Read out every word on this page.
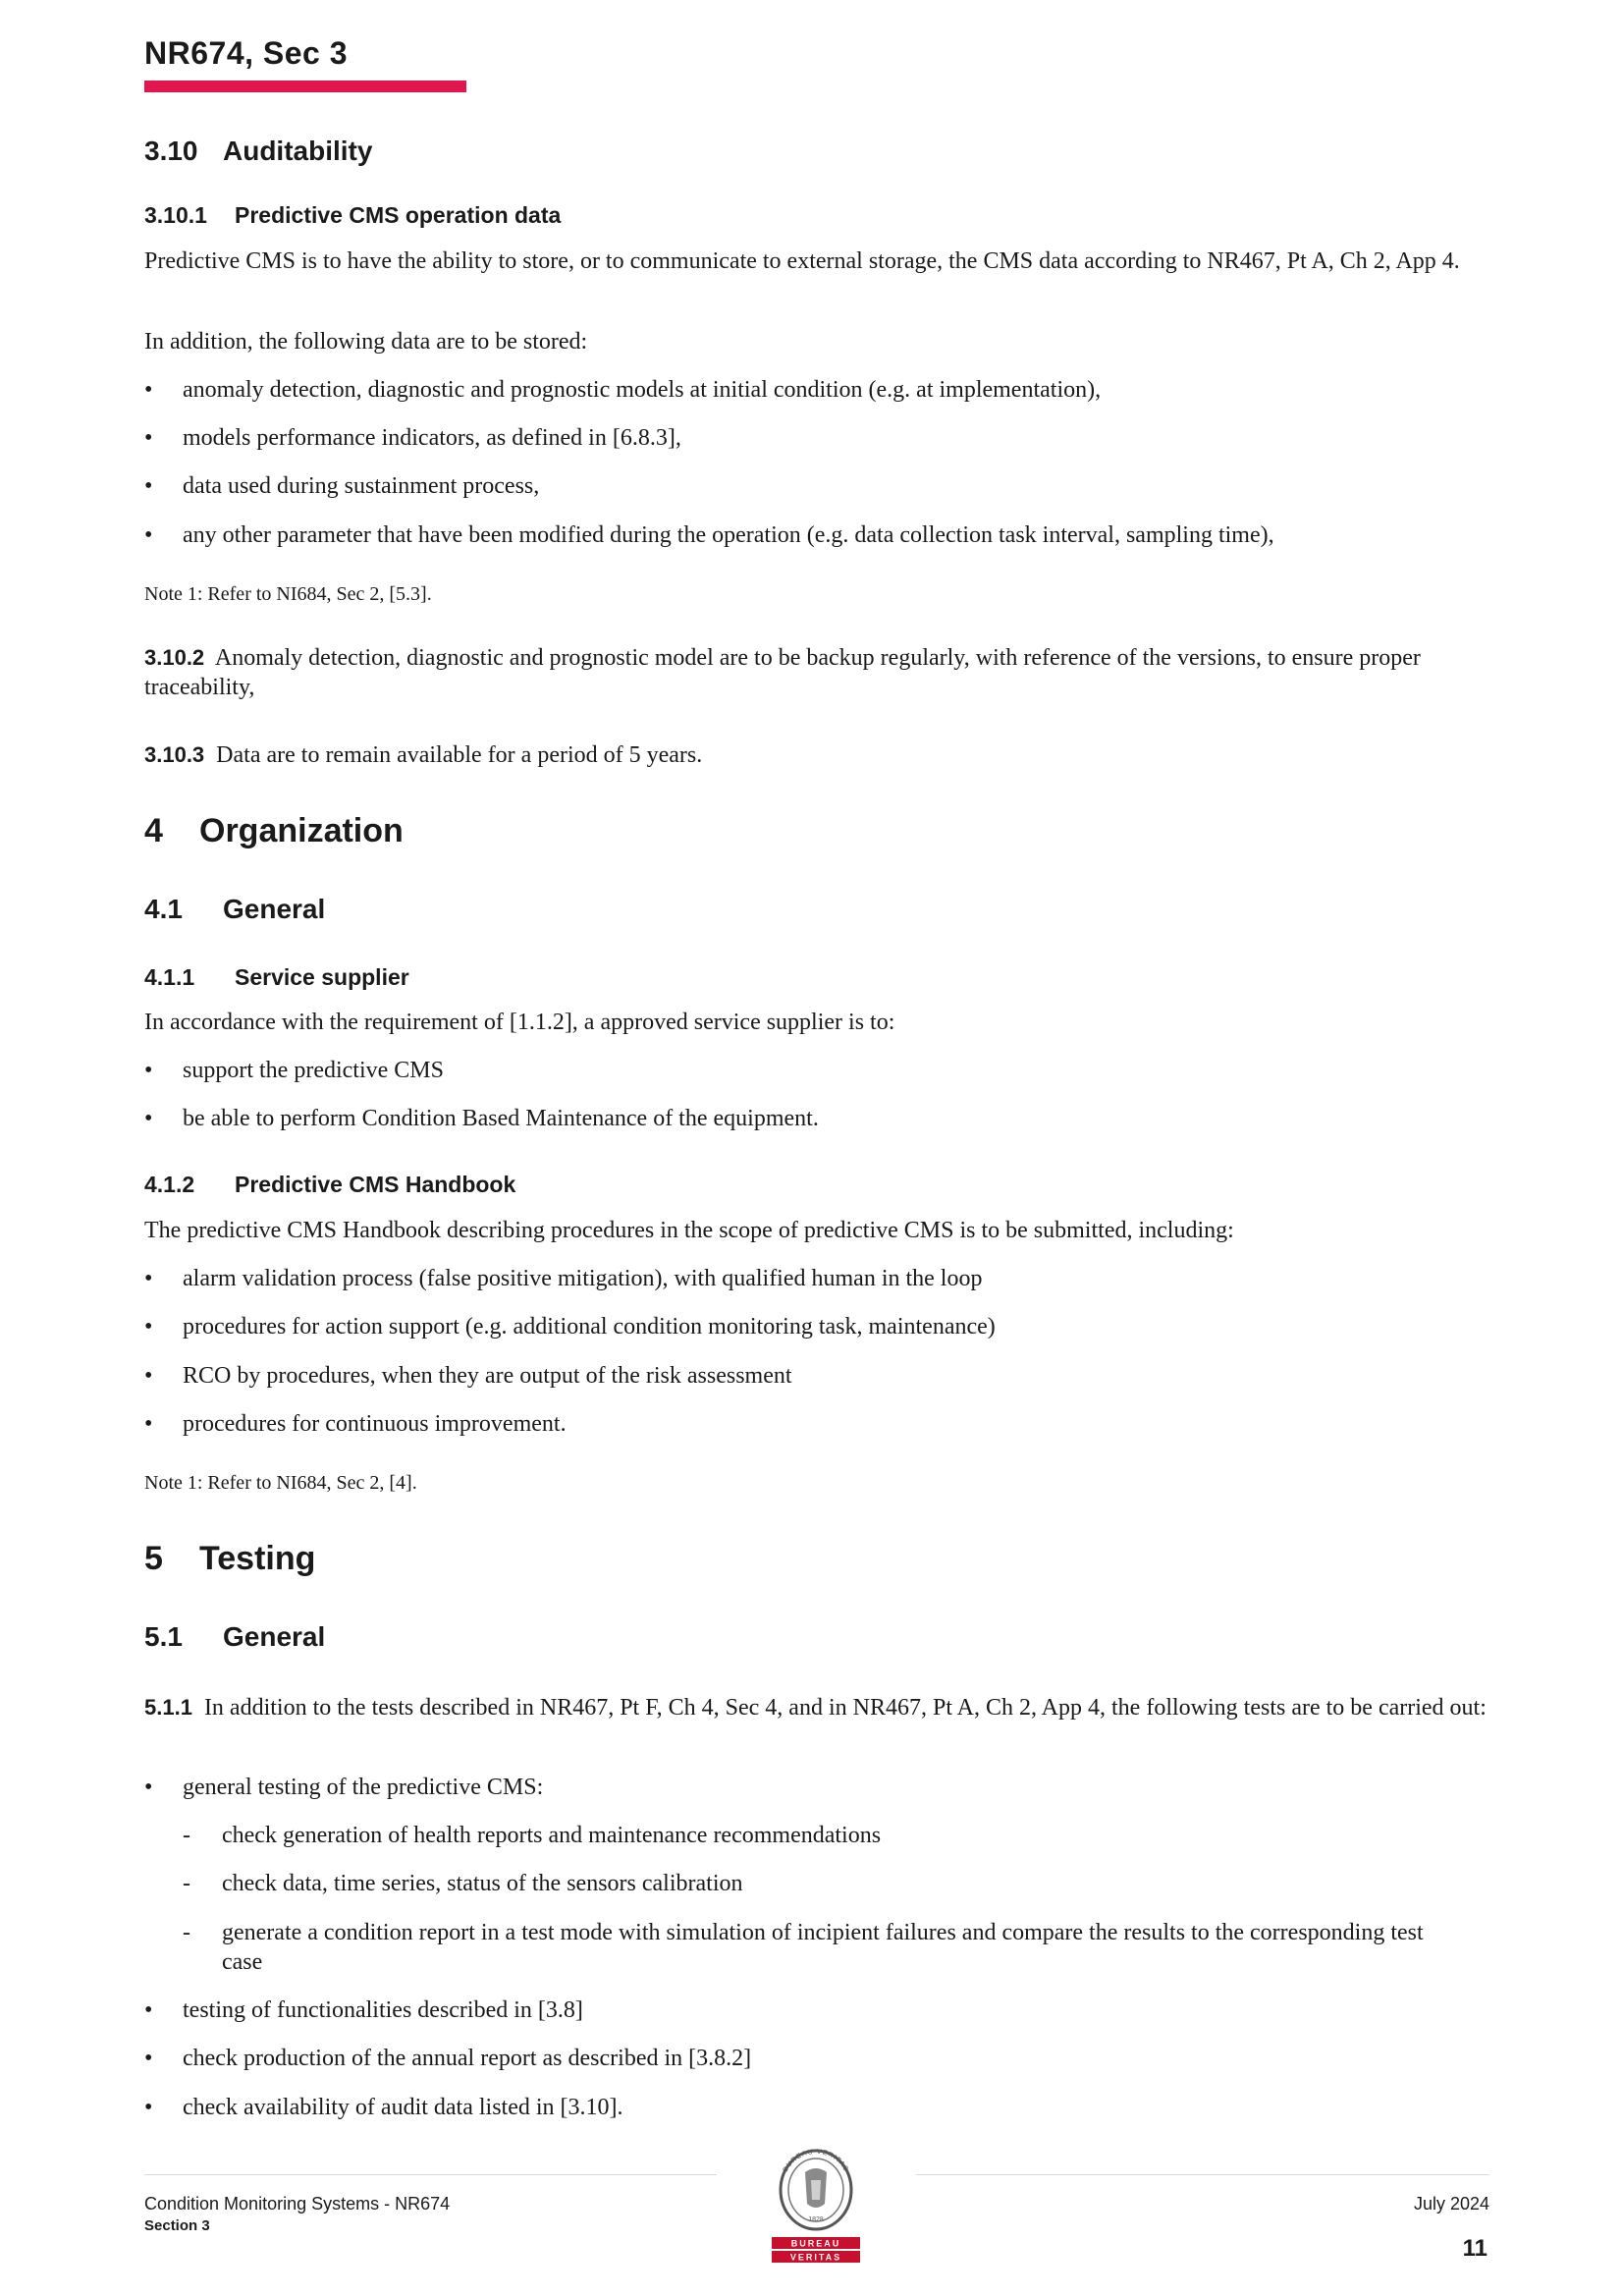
NR674, Sec 3
3.10 Auditability
3.10.1 Predictive CMS operation data

Predictive CMS is to have the ability to store, or to communicate to external storage, the CMS data according to NR467, Pt A, Ch 2, App 4.

In addition, the following data are to be stored:

•	anomaly detection, diagnostic and prognostic models at initial condition (e.g. at implementation),
•	models performance indicators, as defined in [6.8.3],
•	data used during sustainment process,
•	any other parameter that have been modified during the operation (e.g. data collection task interval, sampling time),
Note 1: Refer to NI684, Sec 2, [5.3].

3.10.2 Anomaly detection, diagnostic and prognostic model are to be backup regularly, with reference of the versions, to ensure proper traceability,

3.10.3 Data are to remain available for a period of 5 years.

4 Organization
4.1 General
4.1.1 Service supplier

In accordance with the requirement of [1.1.2], a approved service supplier is to:

•	support the predictive CMS
•	be able to perform Condition Based Maintenance of the equipment.
4.1.2 Predictive CMS Handbook

The predictive CMS Handbook describing procedures in the scope of predictive CMS is to be submitted, including:

•	alarm validation process (false positive mitigation), with qualified human in the loop
•	procedures for action support (e.g. additional condition monitoring task, maintenance)
•	RCO by procedures, when they are output of the risk assessment
•	procedures for continuous improvement.
Note 1: Refer to NI684, Sec 2, [4].
5 Testing
5.1 General

5.1.1 In addition to the tests described in NR467, Pt F, Ch 4, Sec 4, and in NR467, Pt A, Ch 2, App 4, the following tests are to be carried out:

•	general testing of the predictive CMS:
- check generation of health reports and maintenance recommendations
- check data, time series, status of the sensors calibration
- generate a condition report in a test mode with simulation of incipient failures and compare the results to the corresponding test case
•	testing of functionalities described in [3.8]
•	check production of the annual report as described in [3.8.2]
•	check availability of audit data listed in [3.10].
Condition Monitoring Systems - NR674
Section 3
BUREAU VERITAS
1828
BUREAU
VERITAS
July 2024
11
